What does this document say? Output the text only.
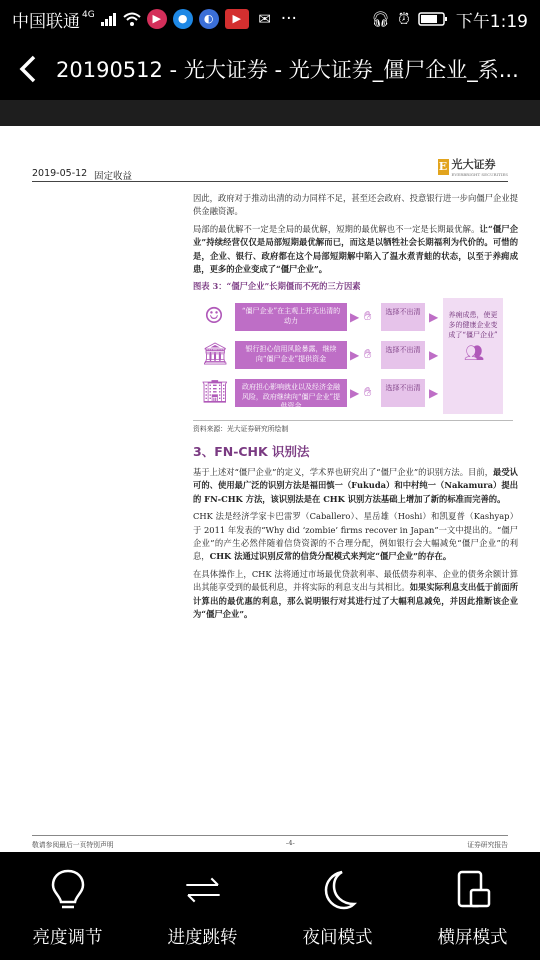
中国联通 4G	▶	●	◐	▶	✉ ···	🎧︎ ⏰︎	下午1:19
20190512 - 光大证券 - 光大证券_僵尸企业_系...
2019-05-12 固定收益
E 光大证券
EVERBRIGHT SECURITIES

因此，政府对于推动出清的动力同样不足，甚至还会政府、投意银行进一步向僵尸企业提供金融资源。

局部的最优解不一定是全局的最优解，短期的最优解也不一定是长期最优解。让“僵尸企业”持续经营仅仅是局部短期最优解而已，而这是以牺牲社会长期福利为代价的。可惜的是，企业、银行、政府都在这个局部短期解中陷入了温水煮青蛙的状态，以至于养痈成患，更多的企业变成了“僵尸企业”。

图表 3：“僵尸企业”长期僵而不死的三方因素

☺	“僵尸企业”在主观上并无出清的动力	▶ ✋︎	选择不出清 ▶
🏛︎	银行担心信用风险暴露，继续向“僵尸企业”提供资金	▶ ✋︎	选择不出清 ▶
🏢︎	政府担心影响就业以及经济金融风险，政府继续向“僵尸企业”提供资金
▶ ✋︎	选择不出清 ▶
养痈成患，使更多的健康企业变成了“僵尸企业”
👥︎
资料来源：光大证券研究所绘制
3、FN-CHK 识别法

基于上述对“僵尸企业”的定义，学术界也研究出了“僵尸企业”的识别方法。目前，最受认可的、使用最广泛的识别方法是福田慎一（Fukuda）和中村纯一（Nakamura）提出的 FN-CHK 方法，该识别法是在 CHK 识别方法基础上增加了新的标准而完善的。

CHK 法是经济学家卡巴雷罗（Caballero）、星岳雄（Hoshi）和凯夏普（Kashyap）于 2011 年发表的“Why did ‘zombie’ firms recover in Japan”一文中提出的。“僵尸企业”的产生必然伴随着信贷资源的不合理分配，例如银行会大幅减免“僵尸企业”的利息，CHK 法通过识别反常的信贷分配模式来判定“僵尸企业”的存在。

在具体操作上，CHK 法将通过市场最优贷款利率、最低债券利率、企业的债务余额计算出其能享受到的最低利息，并将实际的利息支出与其相比。如果实际利息支出低于前面所计算出的最优惠的利息，那么说明银行对其进行过了大幅利息减免，并因此推断该企业为“僵尸企业”。

敬请参阅最后一页特别声明	-4-	证券研究报告
亮度调节	进度跳转	夜间模式	横屏模式
